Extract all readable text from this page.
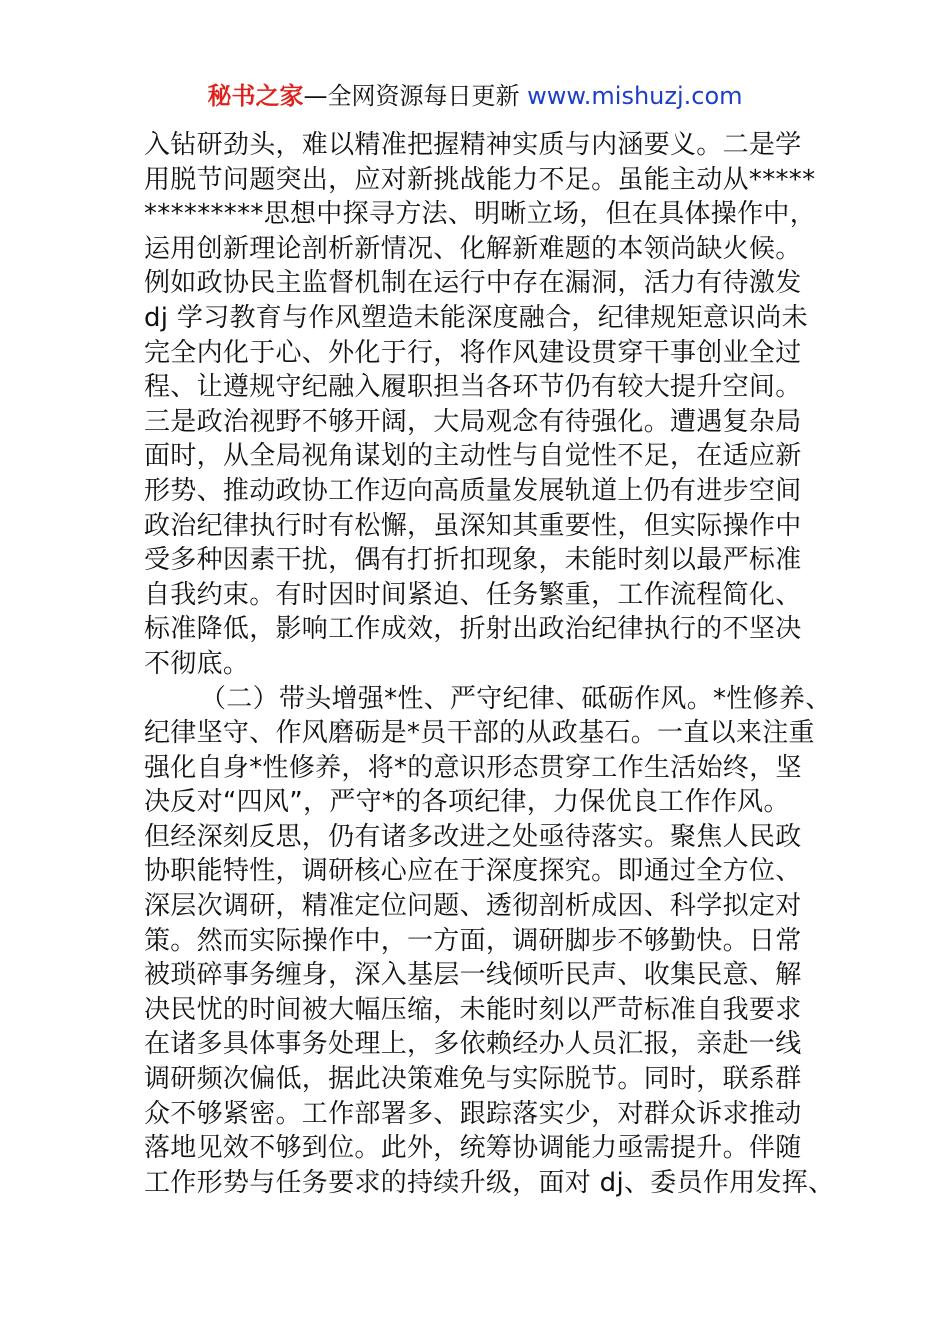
秘书之家—全网资源每日更新 www.mishuzj.com
入钻研劲头，难以精准把握精神实质与内涵要义。二是学
用脱节问题突出，应对新挑战能力不足。虽能主动从*****
*********思想中探寻方法、明晰立场，但在具体操作中，
运用创新理论剖析新情况、化解新难题的本领尚缺火候。
例如政协民主监督机制在运行中存在漏洞，活力有待激发
dj 学习教育与作风塑造未能深度融合，纪律规矩意识尚未
完全内化于心、外化于行，将作风建设贯穿干事创业全过
程、让遵规守纪融入履职担当各环节仍有较大提升空间。
三是政治视野不够开阔，大局观念有待强化。遭遇复杂局
面时，从全局视角谋划的主动性与自觉性不足，在适应新
形势、推动政协工作迈向高质量发展轨道上仍有进步空间
政治纪律执行时有松懈，虽深知其重要性，但实际操作中
受多种因素干扰，偶有打折扣现象，未能时刻以最严标准
自我约束。有时因时间紧迫、任务繁重，工作流程简化、
标准降低，影响工作成效，折射出政治纪律执行的不坚决
不彻底。
（二）带头增强*性、严守纪律、砥砺作风。*性修养、
纪律坚守、作风磨砺是*员干部的从政基石。一直以来注重
强化自身*性修养，将*的意识形态贯穿工作生活始终，坚
决反对“四风”，严守*的各项纪律，力保优良工作作风。
但经深刻反思，仍有诸多改进之处亟待落实。聚焦人民政
协职能特性，调研核心应在于深度探究。即通过全方位、
深层次调研，精准定位问题、透彻剖析成因、科学拟定对
策。然而实际操作中，一方面，调研脚步不够勤快。日常
被琐碎事务缠身，深入基层一线倾听民声、收集民意、解
决民忧的时间被大幅压缩，未能时刻以严苛标准自我要求
在诸多具体事务处理上，多依赖经办人员汇报，亲赴一线
调研频次偏低，据此决策难免与实际脱节。同时，联系群
众不够紧密。工作部署多、跟踪落实少，对群众诉求推动
落地见效不够到位。此外，统筹协调能力亟需提升。伴随
工作形势与任务要求的持续升级，面对 dj、委员作用发挥、
